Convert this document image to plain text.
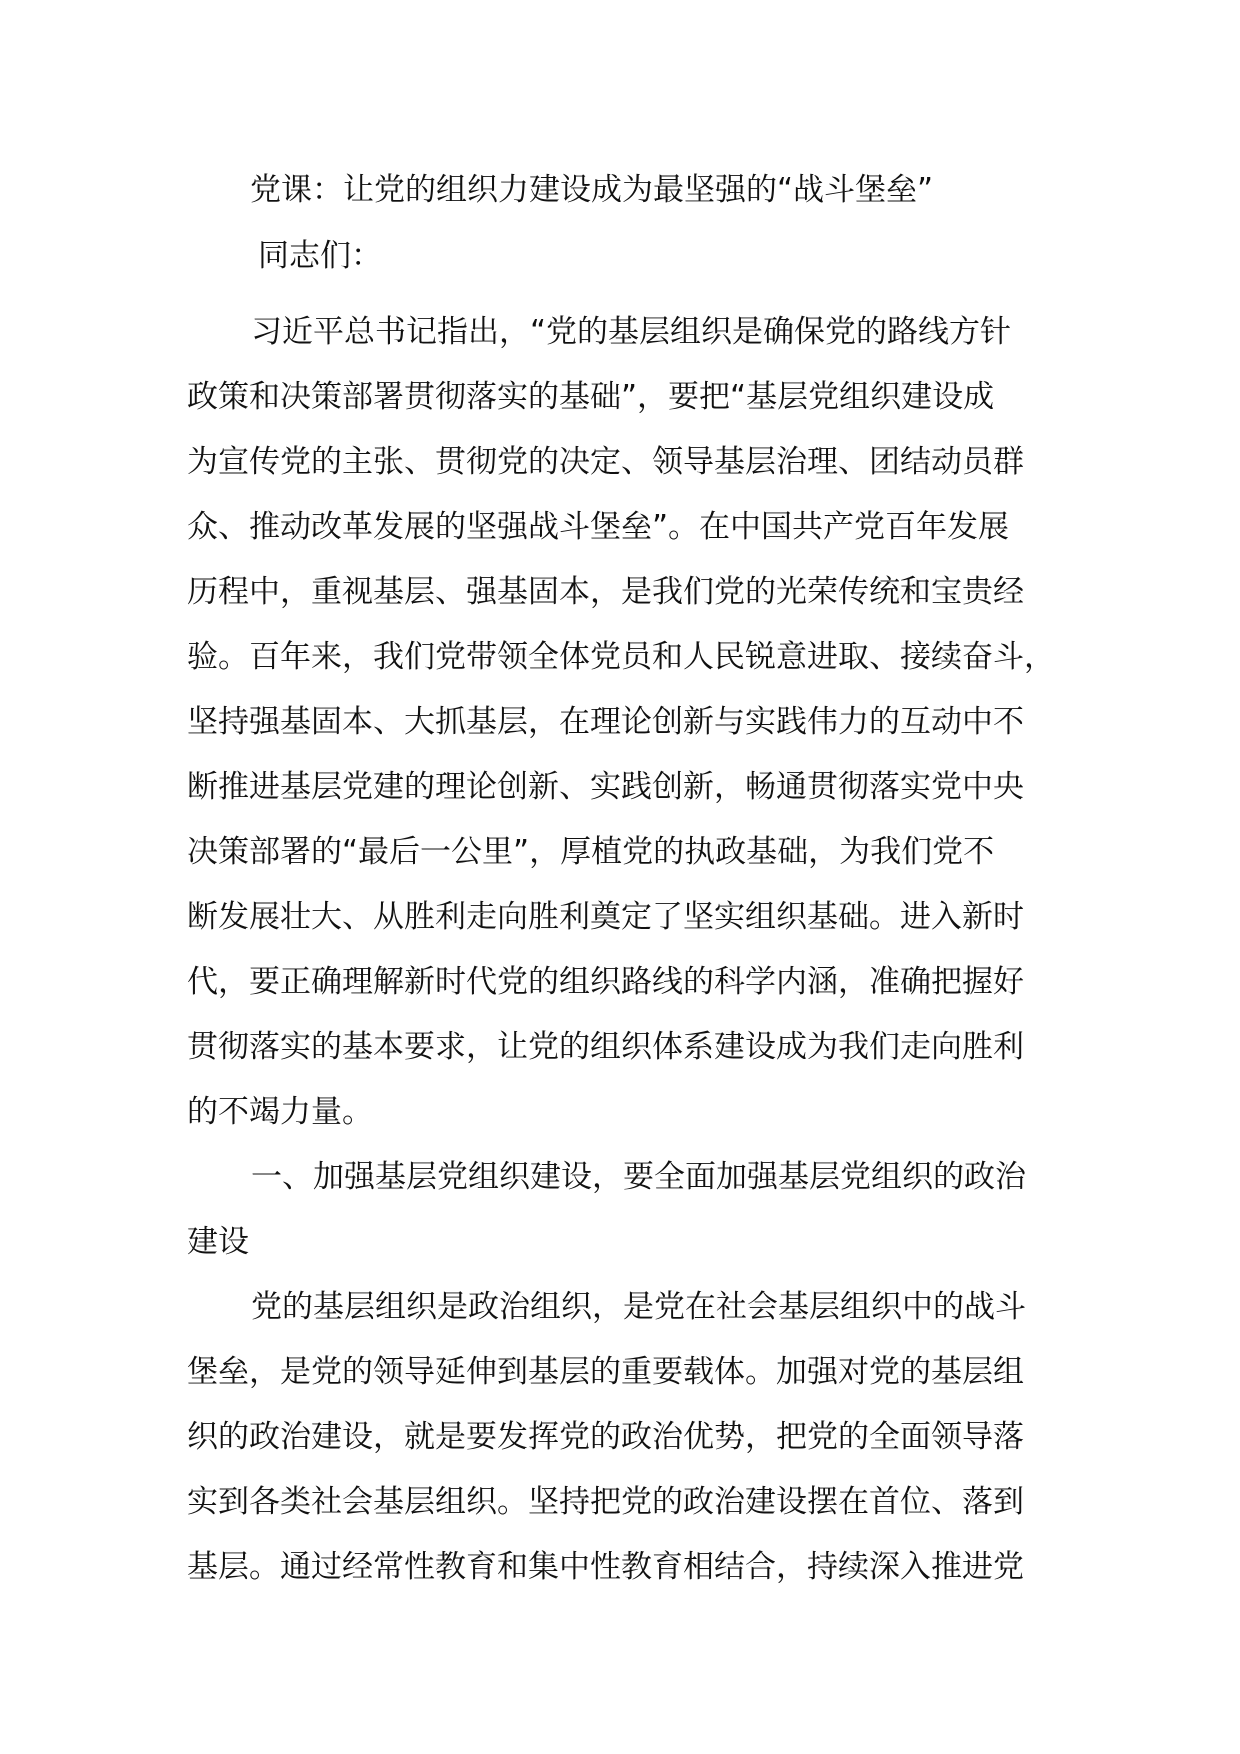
党课：让党的组织力建设成为最坚强的“战斗堡垒”

同志们：

习近平总书记指出，“党的基层组织是确保党的路线方针
政策和决策部署贯彻落实的基础”，要把“基层党组织建设成
为宣传党的主张、贯彻党的决定、领导基层治理、团结动员群
众、推动改革发展的坚强战斗堡垒”。在中国共产党百年发展
历程中，重视基层、强基固本，是我们党的光荣传统和宝贵经
验。百年来，我们党带领全体党员和人民锐意进取、接续奋斗，
坚持强基固本、大抓基层，在理论创新与实践伟力的互动中不
断推进基层党建的理论创新、实践创新，畅通贯彻落实党中央
决策部署的“最后一公里”，厚植党的执政基础，为我们党不
断发展壮大、从胜利走向胜利奠定了坚实组织基础。进入新时
代，要正确理解新时代党的组织路线的科学内涵，准确把握好
贯彻落实的基本要求，让党的组织体系建设成为我们走向胜利
的不竭力量。
一、加强基层党组织建设，要全面加强基层党组织的政治
建设
党的基层组织是政治组织，是党在社会基层组织中的战斗
堡垒，是党的领导延伸到基层的重要载体。加强对党的基层组
织的政治建设，就是要发挥党的政治优势，把党的全面领导落
实到各类社会基层组织。坚持把党的政治建设摆在首位、落到
基层。通过经常性教育和集中性教育相结合，持续深入推进党
